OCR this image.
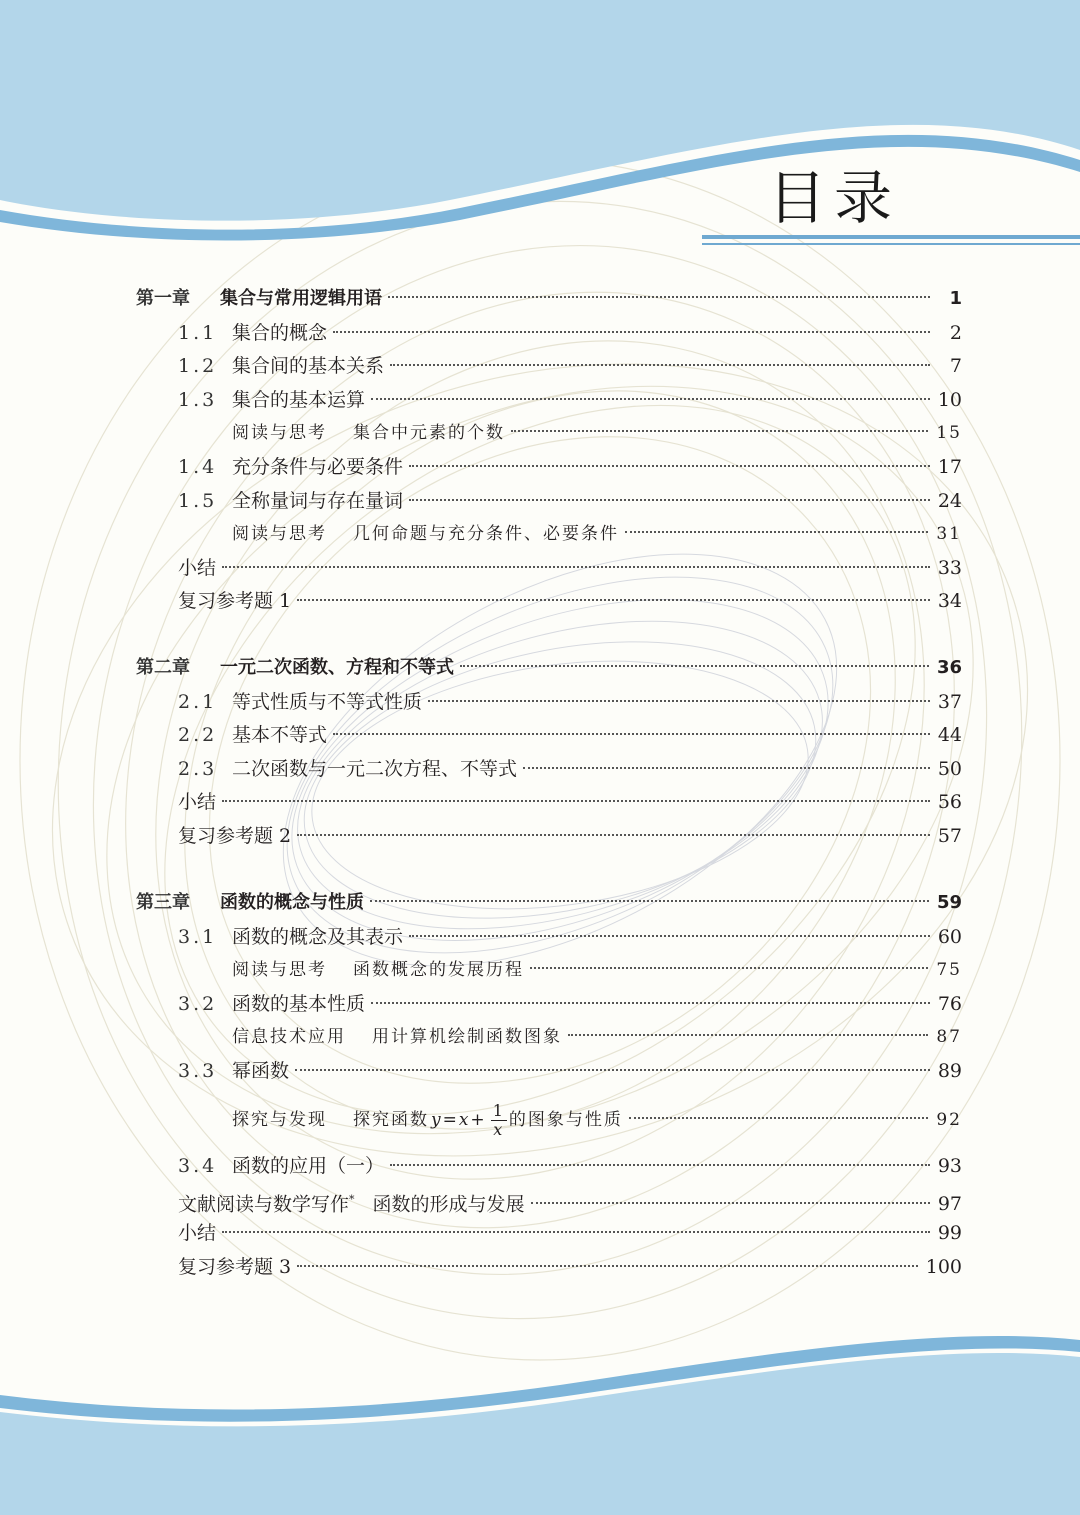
目录
第一章	集合与常用逻辑用语	1
1.1 集合的概念	2
1.2 集合间的基本关系	7
1.3 集合的基本运算	10
阅读与思考 集合中元素的个数	15
1.4 充分条件与必要条件	17
1.5 全称量词与存在量词	24
阅读与思考 几何命题与充分条件、必要条件	31
小结	33
复习参考题 1	34
第二章	一元二次函数、方程和不等式	36
2.1 等式性质与不等式性质	37
2.2 基本不等式	44
2.3 二次函数与一元二次方程、不等式	50
小结	56
复习参考题 2	57
第三章	函数的概念与性质	59
3.1 函数的概念及其表示	60
阅读与思考 函数概念的发展历程	75
3.2 函数的基本性质	76
信息技术应用 用计算机绘制函数图象	87
3.3 幂函数	89
探究与发现 探究函数 $y=x+ \frac{1}{x}$ 的图象与性质	92
3.4 函数的应用（一）	93
文献阅读与数学写作* 函数的形成与发展	97
小结	99
复习参考题 3	100
